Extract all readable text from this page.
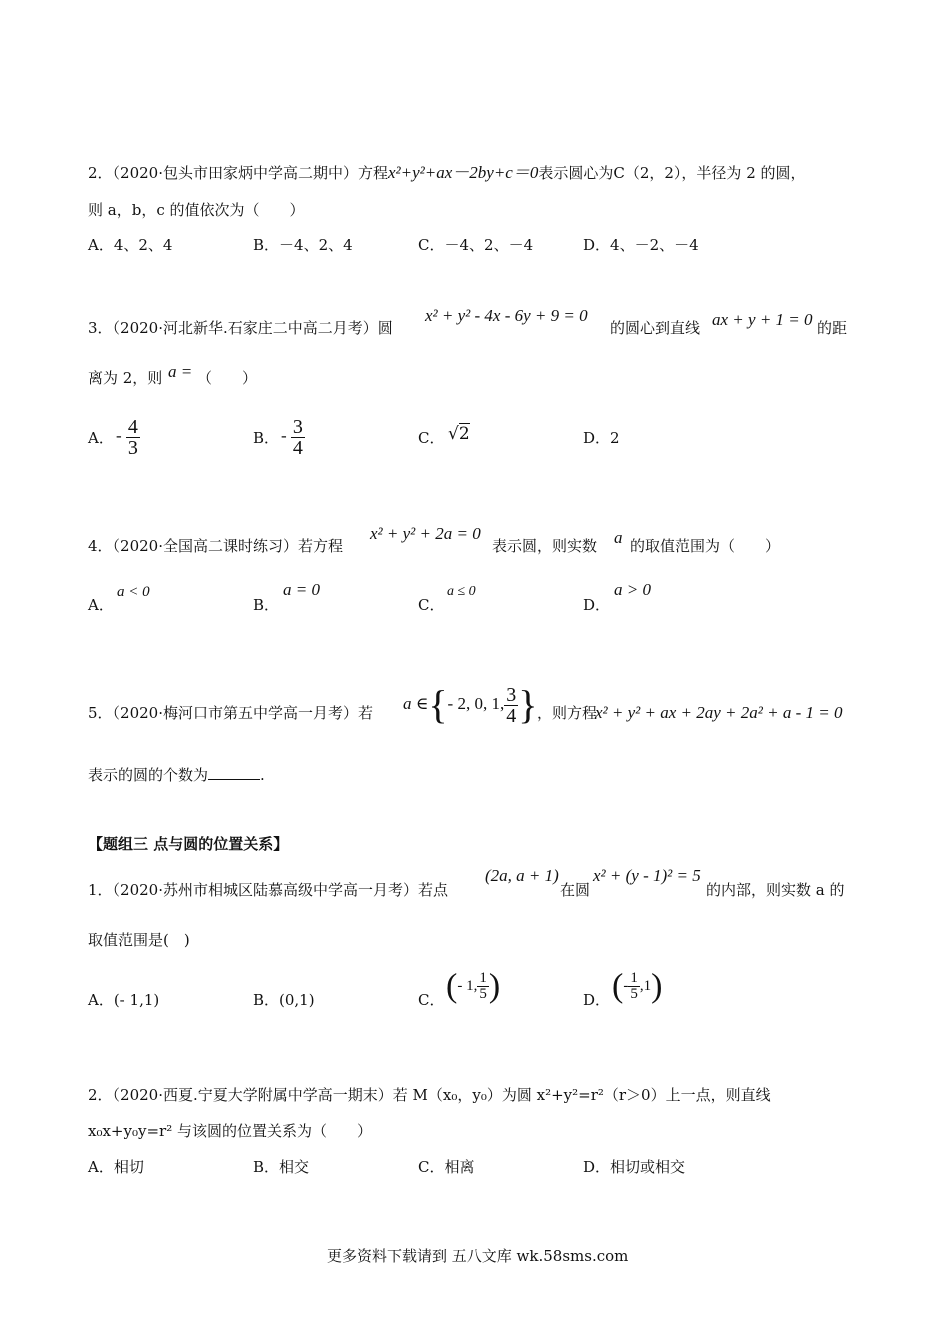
2．（2020·包头市田家炳中学高二期中）方程x²+y²+ax－2by+c＝0表示圆心为C（2，2），半径为 2 的圆，
则 a，b，c 的值依次为（　　）
A．4、2、4	B．－4、2、4	C．－4、2、－4	D．4、－2、－4
3．（2020·河北新华.石家庄二中高二月考）圆
x² + y² - 4x - 6y + 9 = 0
的圆心到直线 ax + y + 1 = 0 的距
离为 2，则 a = （　　）
A． - $\frac{4}{3}$	B． - $\frac{3}{4}$	C． √2	D．2
4．（2020·全国高二课时练习）若方程
x² + y² + 2a = 0
表示圆，则实数 a 的取值范围为（　　）
A．
a < 0
B．
a = 0
C．
a ≤ 0
D．
a > 0
5．（2020·梅河口市第五中学高一月考）若 a ∈{- 2, 0, 1, $\frac{3}{4}$ } ，则方程
x² + y² + ax + 2ay + 2a² + a - 1 = 0
表示的圆的个数为	.
【题组三 点与圆的位置关系】
1．（2020·苏州市相城区陆慕高级中学高一月考）若点
(2a, a + 1)
在圆
x² + (y - 1)² = 5
的内部，则实数 a 的
取值范围是(　)
A．(- 1,1)	B．(0,1)	C． (- 1, $\frac{1}{5}$ )	D． (- $\frac{1}{5} ,1$)
2．（2020·西夏.宁夏大学附属中学高一期末）若 M（x₀，y₀）为圆 x²+y²=r²（r＞0）上一点，则直线
x₀x+y₀y=r² 与该圆的位置关系为（　　）
A．相切	B．相交	C．相离	D．相切或相交
更多资料下载请到 五八文库 wk.58sms.com
